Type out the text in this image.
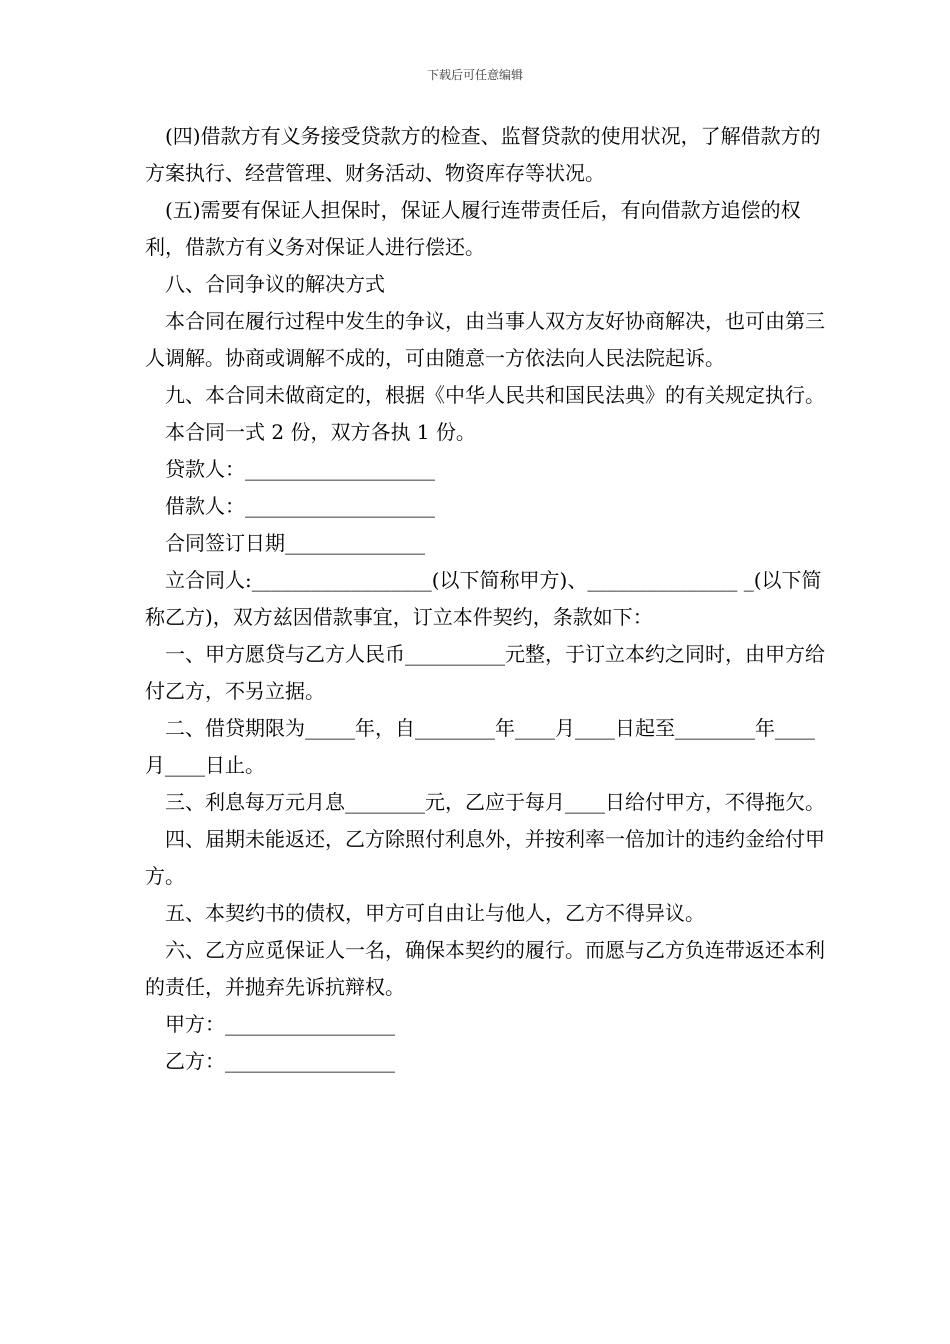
下载后可任意编辑

(四)借款方有义务接受贷款方的检查、监督贷款的使用状况，了解借款方的方案执行、经营管理、财务活动、物资库存等状况。

(五)需要有保证人担保时，保证人履行连带责任后，有向借款方追偿的权利，借款方有义务对保证人进行偿还。

八、合同争议的解决方式

本合同在履行过程中发生的争议，由当事人双方友好协商解决，也可由第三人调解。协商或调解不成的，可由随意一方依法向人民法院起诉。

九、本合同未做商定的，根据《中华人民共和国民法典》的有关规定执行。

本合同一式 2 份，双方各执 1 份。

贷款人：___________________

借款人：___________________

合同签订日期______________

立合同人:__________________(以下简称甲方)、_______________ _(以下简称乙方)，双方兹因借款事宜，订立本件契约，条款如下：

一、甲方愿贷与乙方人民币__________元整，于订立本约之同时，由甲方给付乙方，不另立据。

二、借贷期限为_____年，自________年____月____日起至________年____月____日止。

三、利息每万元月息________元，乙应于每月____日给付甲方，不得拖欠。

四、届期未能返还，乙方除照付利息外，并按利率一倍加计的违约金给付甲方。

五、本契约书的债权，甲方可自由让与他人，乙方不得异议。

六、乙方应觅保证人一名，确保本契约的履行。而愿与乙方负连带返还本利的责任，并抛弃先诉抗辩权。

甲方：_________________

乙方：_________________
